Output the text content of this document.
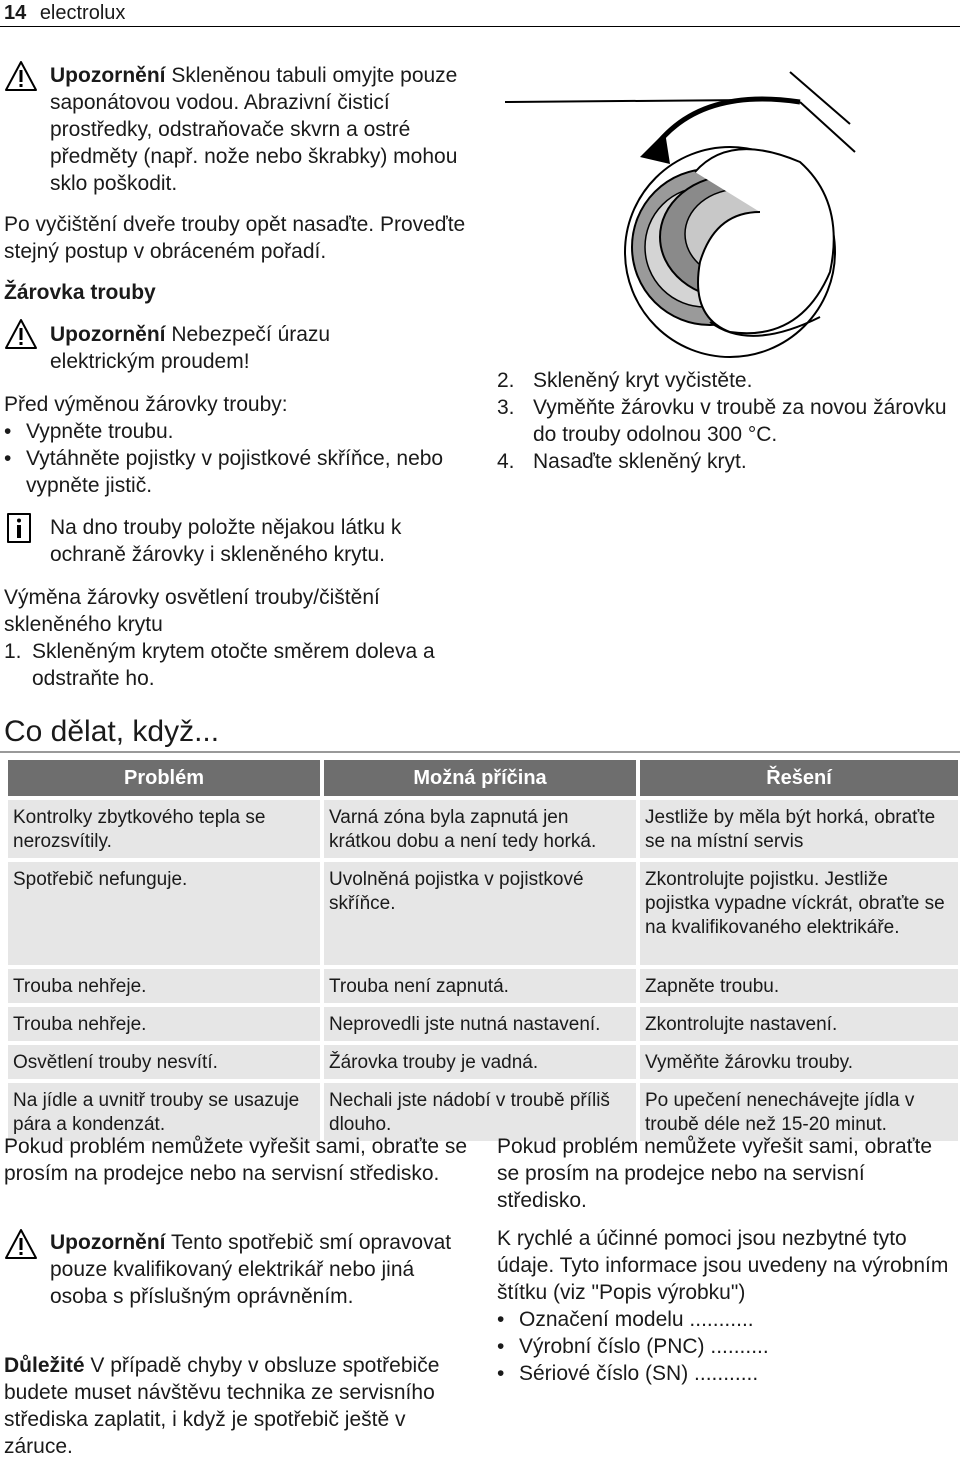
14 electrolux
Upozornění Skleněnou tabuli omyjte pouze saponátovou vodou. Abrazivní čisticí prostředky, odstraňovače skvrn a ostré předměty (např. nože nebo škrabky) mohou sklo poškodit.
Po vyčištění dveře trouby opět nasaďte. Proveďte stejný postup v obráceném pořadí.
Žárovka trouby
Upozornění Nebezpečí úrazu elektrickým proudem!
Před výměnou žárovky trouby:
• Vypněte troubu.
• Vytáhněte pojistky v pojistkové skříňce, nebo vypněte jistič.
Na dno trouby položte nějakou látku k ochraně žárovky i skleněného krytu.
Výměna žárovky osvětlení trouby/čištění skleněného krytu
1. Skleněným krytem otočte směrem doleva a odstraňte ho.
2. Skleněný kryt vyčistěte.
3. Vyměňte žárovku v troubě za novou žárovku do trouby odolnou 300 °C.
4. Nasaďte skleněný kryt.
Co dělat, když...
Problém	Možná příčina	Řešení

Kontrolky zbytkového tepla se nerozsvítily.	Varná zóna byla zapnutá jen krátkou dobu a není tedy horká.	Jestliže by měla být horká, obraťte se na místní servis

Spotřebič nefunguje.	Uvolněná pojistka v pojistkové skříňce.	Zkontrolujte pojistku. Jestliže pojistka vypadne víckrát, obraťte se na kvalifikovaného elektrikáře.

Trouba nehřeje.	Trouba není zapnutá.	Zapněte troubu.

Trouba nehřeje.	Neprovedli jste nutná nastavení.	Zkontrolujte nastavení.

Osvětlení trouby nesvítí.	Žárovka trouby je vadná.	Vyměňte žárovku trouby.

Na jídle a uvnitř trouby se usazuje pára a kondenzát.	Nechali jste nádobí v troubě příliš dlouho.	Po upečení nenechávejte jídla v troubě déle než 15-20 minut.
Pokud problém nemůžete vyřešit sami, obraťte se prosím na prodejce nebo na servisní středisko.
Upozornění Tento spotřebič smí opravovat pouze kvalifikovaný elektrikář nebo jiná osoba s příslušným oprávněním.
Důležité V případě chyby v obsluze spotřebiče budete muset návštěvu technika ze servisního střediska zaplatit, i když je spotřebič ještě v záruce.
Pokud problém nemůžete vyřešit sami, obraťte se prosím na prodejce nebo na servisní středisko.
K rychlé a účinné pomoci jsou nezbytné tyto údaje. Tyto informace jsou uvedeny na výrobním štítku (viz "Popis výrobku")
• Označení modelu ...........
• Výrobní číslo (PNC) ..........
• Sériové číslo (SN) ...........
